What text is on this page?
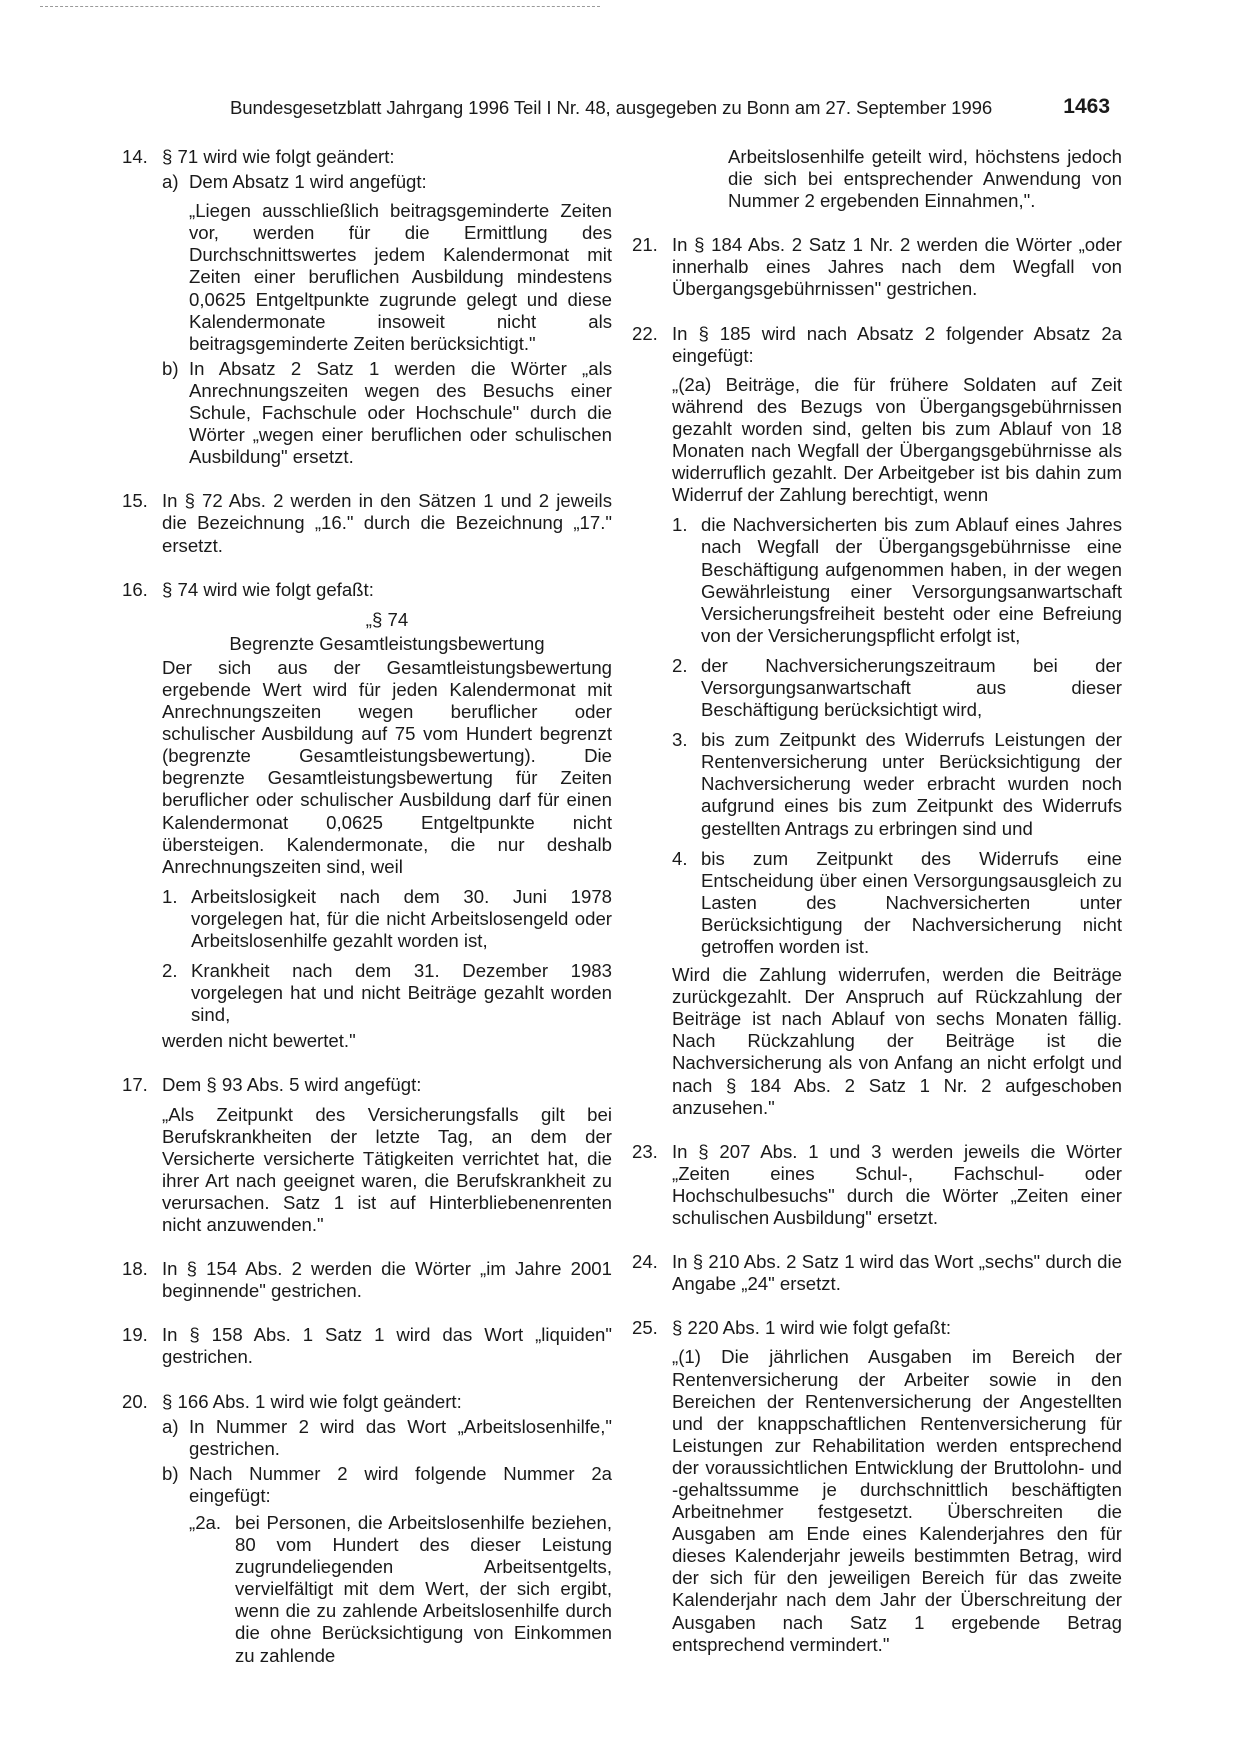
Bundesgesetzblatt Jahrgang 1996 Teil I Nr. 48, ausgegeben zu Bonn am 27. September 1996	1463
14. § 71 wird wie folgt geändert:

a) Dem Absatz 1 wird angefügt:

„Liegen ausschließlich beitragsgeminderte Zeiten vor, werden für die Ermittlung des Durchschnittswertes jedem Kalendermonat mit Zeiten einer beruflichen Ausbildung mindestens 0,0625 Entgeltpunkte zugrunde gelegt und diese Kalendermonate insoweit nicht als beitragsgeminderte Zeiten berücksichtigt."

b) In Absatz 2 Satz 1 werden die Wörter „als Anrechnungszeiten wegen des Besuchs einer Schule, Fachschule oder Hochschule" durch die Wörter „wegen einer beruflichen oder schulischen Ausbildung" ersetzt.

15. In § 72 Abs. 2 werden in den Sätzen 1 und 2 jeweils die Bezeichnung „16." durch die Bezeichnung „17." ersetzt.

16. § 74 wird wie folgt gefaßt:

„§ 74

Begrenzte Gesamtleistungsbewertung

Der sich aus der Gesamtleistungsbewertung ergebende Wert wird für jeden Kalendermonat mit Anrechnungszeiten wegen beruflicher oder schulischer Ausbildung auf 75 vom Hundert begrenzt (begrenzte Gesamtleistungsbewertung). Die begrenzte Gesamtleistungsbewertung für Zeiten beruflicher oder schulischer Ausbildung darf für einen Kalendermonat 0,0625 Entgeltpunkte nicht übersteigen. Kalendermonate, die nur deshalb Anrechnungszeiten sind, weil

1. Arbeitslosigkeit nach dem 30. Juni 1978 vorgelegen hat, für die nicht Arbeitslosengeld oder Arbeitslosenhilfe gezahlt worden ist,

2. Krankheit nach dem 31. Dezember 1983 vorgelegen hat und nicht Beiträge gezahlt worden sind,

werden nicht bewertet."

17. Dem § 93 Abs. 5 wird angefügt:

„Als Zeitpunkt des Versicherungsfalls gilt bei Berufskrankheiten der letzte Tag, an dem der Versicherte versicherte Tätigkeiten verrichtet hat, die ihrer Art nach geeignet waren, die Berufskrankheit zu verursachen. Satz 1 ist auf Hinterbliebenenrenten nicht anzuwenden."

18. In § 154 Abs. 2 werden die Wörter „im Jahre 2001 beginnende" gestrichen.

19. In § 158 Abs. 1 Satz 1 wird das Wort „liquiden" gestrichen.

20. § 166 Abs. 1 wird wie folgt geändert:

a) In Nummer 2 wird das Wort „Arbeitslosenhilfe," gestrichen.

b) Nach Nummer 2 wird folgende Nummer 2a eingefügt:

„2a. bei Personen, die Arbeitslosenhilfe beziehen, 80 vom Hundert des dieser Leistung zugrundeliegenden Arbeitsentgelts, vervielfältigt mit dem Wert, der sich ergibt, wenn die zu zahlende Arbeitslosenhilfe durch die ohne Berücksichtigung von Einkommen zu zahlende

Arbeitslosenhilfe geteilt wird, höchstens jedoch die sich bei entsprechender Anwendung von Nummer 2 ergebenden Einnahmen,".

21. In § 184 Abs. 2 Satz 1 Nr. 2 werden die Wörter „oder innerhalb eines Jahres nach dem Wegfall von Übergangsgebührnissen" gestrichen.

22. In § 185 wird nach Absatz 2 folgender Absatz 2a eingefügt:

„(2a) Beiträge, die für frühere Soldaten auf Zeit während des Bezugs von Übergangsgebührnissen gezahlt worden sind, gelten bis zum Ablauf von 18 Monaten nach Wegfall der Übergangsgebührnisse als widerruflich gezahlt. Der Arbeitgeber ist bis dahin zum Widerruf der Zahlung berechtigt, wenn

1. die Nachversicherten bis zum Ablauf eines Jahres nach Wegfall der Übergangsgebührnisse eine Beschäftigung aufgenommen haben, in der wegen Gewährleistung einer Versorgungsanwartschaft Versicherungsfreiheit besteht oder eine Befreiung von der Versicherungspflicht erfolgt ist,

2. der Nachversicherungszeitraum bei der Versorgungsanwartschaft aus dieser Beschäftigung berücksichtigt wird,

3. bis zum Zeitpunkt des Widerrufs Leistungen der Rentenversicherung unter Berücksichtigung der Nachversicherung weder erbracht wurden noch aufgrund eines bis zum Zeitpunkt des Widerrufs gestellten Antrags zu erbringen sind und

4. bis zum Zeitpunkt des Widerrufs eine Entscheidung über einen Versorgungsausgleich zu Lasten des Nachversicherten unter Berücksichtigung der Nachversicherung nicht getroffen worden ist.

Wird die Zahlung widerrufen, werden die Beiträge zurückgezahlt. Der Anspruch auf Rückzahlung der Beiträge ist nach Ablauf von sechs Monaten fällig. Nach Rückzahlung der Beiträge ist die Nachversicherung als von Anfang an nicht erfolgt und nach § 184 Abs. 2 Satz 1 Nr. 2 aufgeschoben anzusehen."

23. In § 207 Abs. 1 und 3 werden jeweils die Wörter „Zeiten eines Schul-, Fachschul- oder Hochschulbesuchs" durch die Wörter „Zeiten einer schulischen Ausbildung" ersetzt.

24. In § 210 Abs. 2 Satz 1 wird das Wort „sechs" durch die Angabe „24" ersetzt.

25. § 220 Abs. 1 wird wie folgt gefaßt:

„(1) Die jährlichen Ausgaben im Bereich der Rentenversicherung der Arbeiter sowie in den Bereichen der Rentenversicherung der Angestellten und der knappschaftlichen Rentenversicherung für Leistungen zur Rehabilitation werden entsprechend der voraussichtlichen Entwicklung der Bruttolohn- und -gehaltssumme je durchschnittlich beschäftigten Arbeitnehmer festgesetzt. Überschreiten die Ausgaben am Ende eines Kalenderjahres den für dieses Kalenderjahr jeweils bestimmten Betrag, wird der sich für den jeweiligen Bereich für das zweite Kalenderjahr nach dem Jahr der Überschreitung der Ausgaben nach Satz 1 ergebende Betrag entsprechend vermindert."
